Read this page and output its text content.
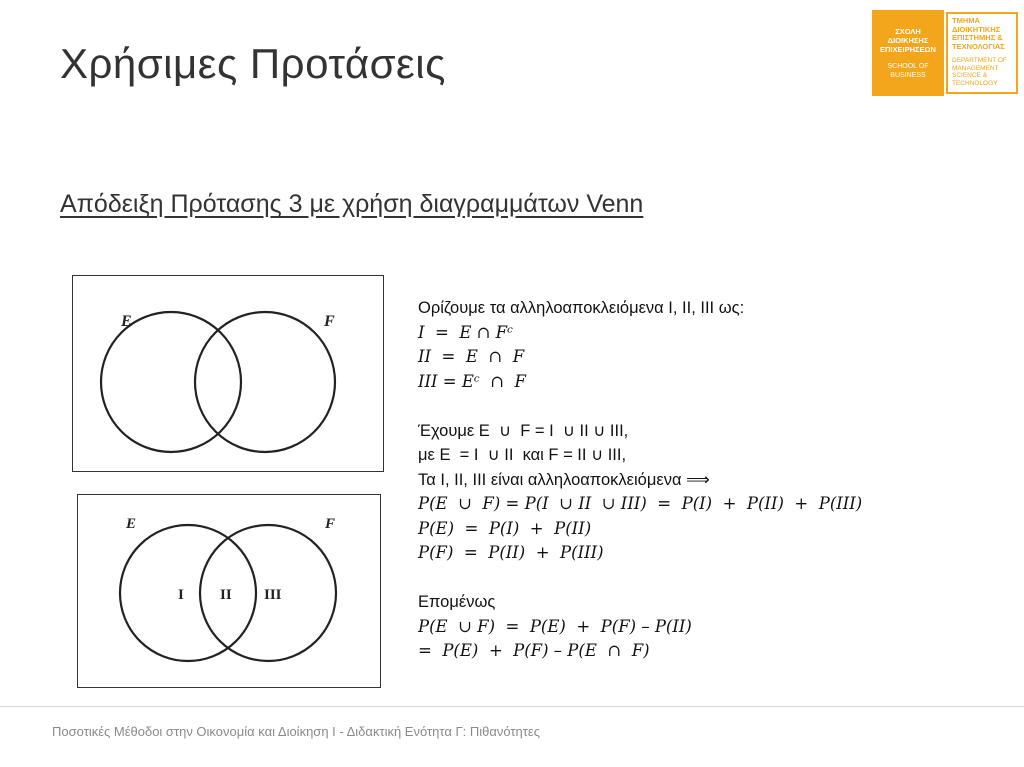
Χρήσιμες Προτάσεις
ΣΧΟΛΗ ΔΙΟΙΚΗΣΗΣ ΕΠΙΧΕΙΡΗΣΕΩΝ
SCHOOL OF BUSINESS
ΤΜΗΜΑ ΔΙΟΙΚΗΤΙΚΗΣ ΕΠΙΣΤΗΜΗΣ & ΤΕΧΝΟΛΟΓΙΑΣ
DEPARTMENT OF MANAGEMENT SCIENCE & TECHNOLOGY
Απόδειξη Πρότασης 3 με χρήση διαγραμμάτων Venn
E	F
E	F
I II III
Ορίζουμε τα αλληλοαποκλειόμενα I, II, III ως:
I  =  E ∩ Fᶜ
II  =  E  ∩  F
III = Eᶜ  ∩  F
Έχουμε E  ∪  F = I  ∪ II ∪ III,
με E  = I  ∪ II  και F = II ∪ III,
Τα I, II, III είναι αλληλοαποκλειόμενα ⟹
P(E  ∪  F) = P(I  ∪ II  ∪ III)  =  P(I)  +  P(II)  +  P(III)
P(E)  =  P(I)  +  P(II)
P(F)  =  P(II)  +  P(III)
Επομένως
P(E  ∪ F)  =  P(E)  +  P(F) – P(II)
=  P(E)  +  P(F) – P(E  ∩  F)
Ποσοτικές Μέθοδοι στην Οικονομία και Διοίκηση Ι - Διδακτική Ενότητα Γ: Πιθανότητες
